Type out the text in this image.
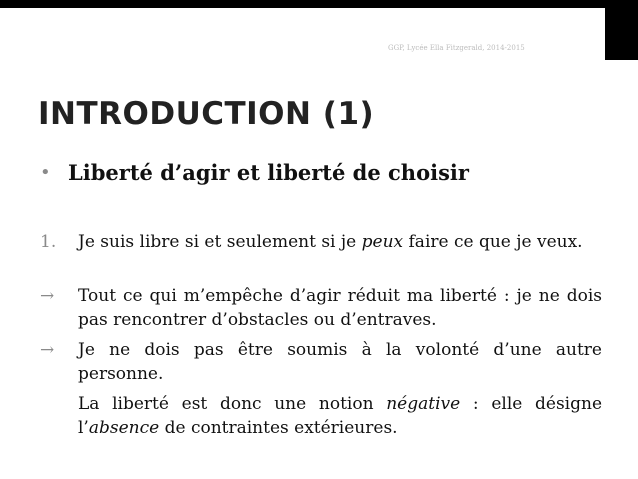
GGP, Lycée Ella Fitzgerald, 2014-2015
INTRODUCTION (1)
• Liberté d’agir et liberté de choisir
1. Je suis libre si et seulement si je peux faire ce que je veux.
→ Tout ce qui m’empêche d’agir réduit ma liberté : je ne dois pas rencontrer d’obstacles ou d’entraves.
→ Je ne dois pas être soumis à la volonté d’une autre personne.
La liberté est donc une notion négative : elle désigne l’absence de contraintes extérieures.
